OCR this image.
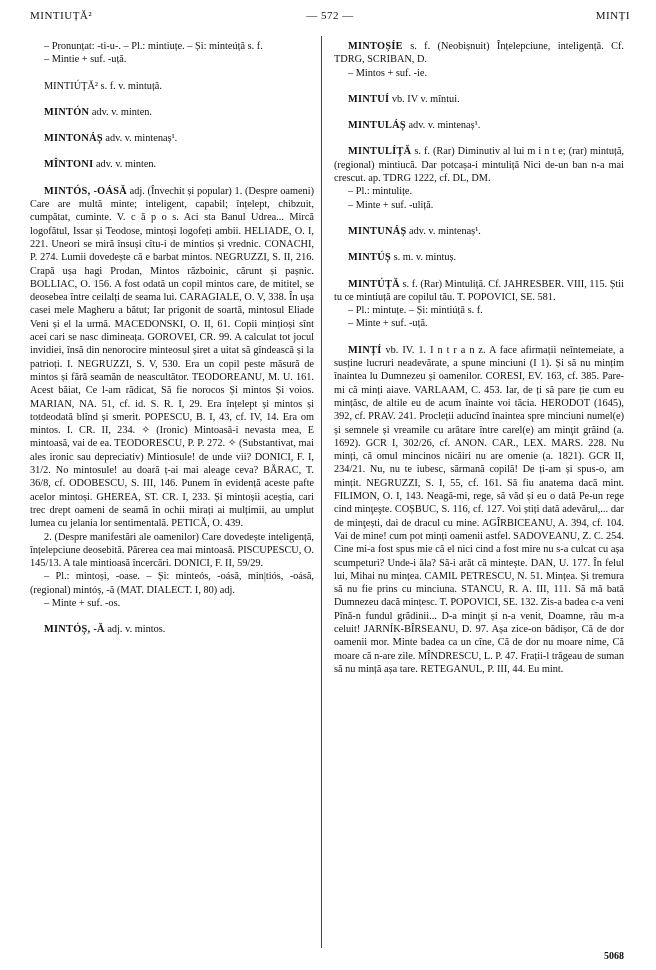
MINTIUȚĂ²	— 572 —	MINȚI

– Pronunțat: -ti-u-. – Pl.: mintiuțe. – Și: minteúță s. f.

– Mintie + suf. -uță.

MINTIÚȚĂ² s. f. v. mintuță.

MINTÓN adv. v. minten.

MINTONÁȘ adv. v. mintenaș¹.

MÎNTONI adv. v. minten.

MINTÓS, -OÁSĂ adj. (Învechit și popular) 1. (Despre oameni) Care are multă minte; inteligent, capabil; înțelept, chibzuit, cumpătat, cuminte. V. c ă p o s. Aci sta Banul Udrea... Mircă logofătul, Issar și Teodose, mintoși logofeți ambii. HELIADE, O. I, 221. Uneori se miră însuși cîtu-i de mintios și vrednic. CONACHI, P. 274. Lumii dovedește că e barbat mintos. NEGRUZZI, S. II, 216. Crapă ușa hagi Prodan, Mintos războinic, cărunt și pașnic. BOLLIAC, O. 156. A fost odată un copil mintos care, de mititel, se deosebea între ceilalți de seama lui. CARAGIALE, O. V, 338. În ușa casei mele Magheru a bătut; Iar prigonit de soartă, mintosul Eliade Veni și el la urmă. MACEDONSKI, O. II, 61. Copii mințioși sînt acei cari se nasc dimineața. GOROVEI, CR. 99. A calculat tot jocul invidiei, însă din nenorocire minteosul șiret a uitat să gîndească și la patrioți. I. NEGRUZZI, S. V, 530. Era un copil peste măsură de mintos și fără seamăn de neascultător. TEODOREANU, M. U. 161. Acest băiat, Ce l-am rădicat, Să fie norocos Și mintos Și voios. MARIAN, NA. 51, cf. id. S. R. I, 29. Era înțelept și mintos și totdeodată blînd și smerit. POPESCU, B. I, 43, cf. IV, 14. Era om mintos. I. CR. II, 234. ✧ (Ironic) Mintoasă-i nevasta mea, E mintoasă, vai de ea. TEODORESCU, P. P. 272. ✧ (Substantivat, mai ales ironic sau depreciativ) Mintiosule! de unde vii? DONICI, F. I, 31/2. No mintosule! au doară ț-ai mai aleage ceva? BĂRAC, T. 36/8, cf. ODOBESCU, S. III, 146. Punem în evidență aceste pafte acelor mintoși. GHEREA, ST. CR. I, 233. Și mintoșii aceștia, cari trec drept oameni de seamă în ochii mirați ai mulțimii, au umplut lumea cu jelania lor sentimentală. PETICĂ, O. 439.

2. (Despre manifestări ale oamenilor) Care dovedește inteligență, înțelepciune deosebită. Părerea cea mai mintoasă. PISCUPESCU, O. 145/13. A tale mintioasă încercări. DONICI, F. II, 59/29.

– Pl.: mintoși, -oase. – Și: minteós, -oásă, min|tiós, -oásă, (regional) mintóș, -ă (MAT. DIALECT. I, 80) adj.

– Minte + suf. -os.

MINTÓȘ, -Ă adj. v. mintos.

MINTOȘÍE s. f. (Neobișnuit) Înțelepciune, inteligență. Cf. TDRG, SCRIBAN, D.

– Mintos + suf. -ie.

MINTUÍ vb. IV v. mîntui.

MINTULÁȘ adv. v. mintenaș¹.

MINTULÍȚĂ s. f. (Rar) Diminutiv al lui m i n t e; (rar) mintuță, (regional) mintiucă. Dar potcașa-i mintuliță Nici de-un ban n-a mai crescut. ap. TDRG 1222, cf. DL, DM.

– Pl.: mintulițe.

– Minte + suf. -uliță.

MINTUNÁȘ adv. v. mintenaș¹.

MINTÚȘ s. m. v. mintuș.

MINTÚȚĂ s. f. (Rar) Mintuliță. Cf. JAHRESBER. VIII, 115. Știi tu ce mintiuță are copilul tău. T. POPOVICI, SE. 581.

– Pl.: mintuțe. – Și: mintiúță s. f.

– Minte + suf. -uță.

MINȚÍ vb. IV. 1. I n t r a n z. A face afirmații neîntemeiate, a susține lucruri neadevărate, a spune minciuni (I 1). Și să nu mințim înaintea lu Dumnezeu și oamenilor. CORESI, EV. 163, cf. 385. Pare-mi că minți aiave. VARLAAM, C. 453. Iar, de ți să pare ție cum eu mințăsc, de altile eu de acum înainte voi tăcia. HERODOT (1645), 392, cf. PRAV. 241. Procleții aducînd înaintea spre minciuni numel(e) și semnele și vreamile cu arătare între carel(e) am minţit grăind (a. 1692). GCR I, 302/26, cf. ANON. CAR., LEX. MARS. 228. Nu minți, că omul mincinos nicăiri nu are omenie (a. 1821). GCR II, 234/21. Nu, nu te iubesc, sărmană copilă! De ți-am și spus-o, am mințit. NEGRUZZI, S. I, 55, cf. 161. Să fiu anatema dacă mint. FILIMON, O. I, 143. Neagă-mi, rege, să văd și eu o dată Pe-un rege cind minţeşte. COȘBUC, S. 116, cf. 127. Voi știți dată adevărul,... dar de minţești, dai de dracul cu mine. AGÎRBICEANU, A. 394, cf. 104. Vai de mine! cum pot minți oamenii astfel. SADOVEANU, Z. C. 254. Cine mi-a fost spus mie că el nici cind a fost mire nu s-a culcat cu așa scumpeturi? Unde-i ăla? Să-i arăt că mintește. DAN, U. 177. În felul lui, Mihai nu mințea. CAMIL PETRESCU, N. 51. Mințea. Și tremura să nu fie prins cu minciuna. STANCU, R. A. III, 111. Să mă bată Dumnezeu dacă mințesc. T. POPOVICI, SE. 132. Zis-a badea c-a veni Pînă-n fundul grădinii... D-a minţit și n-a venit, Doamne, rău m-a celuit! JARNÍK-BÎRSEANU, D. 97. Așa zice-on bădișor, Că de dor oamenii mor. Minte badea ca un cîne, Că de dor nu moare nime, Că moare că n-are zile. MÎNDRESCU, L. P. 47. Frații-l trăgeau de suman să nu mință așa tare. RETEGANUL, P. III, 44. Eu mint.

5068
